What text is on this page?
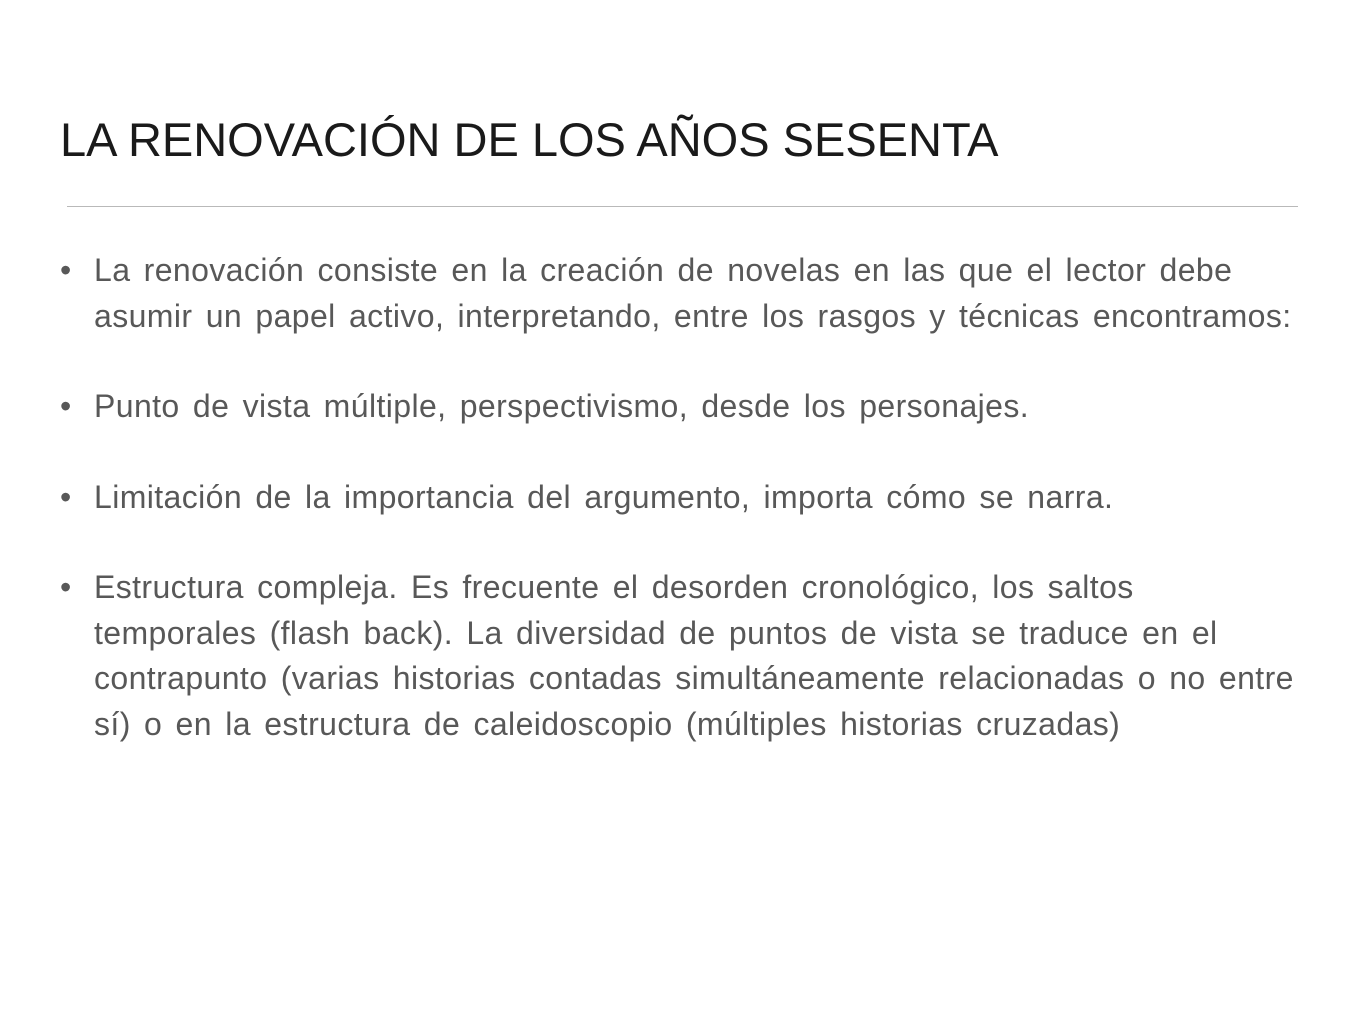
LA RENOVACIÓN DE LOS AÑOS SESENTA
• La renovación consiste en la creación de novelas en las que el lector debe asumir un papel activo, interpretando, entre los rasgos y técnicas encontramos:
• Punto de vista múltiple, perspectivismo, desde los personajes.
• Limitación de la importancia del argumento, importa cómo se narra.
• Estructura compleja. Es frecuente el desorden cronológico, los saltos temporales (flash back). La diversidad de puntos de vista se traduce en el contrapunto (varias historias contadas simultáneamente relacionadas o no entre sí) o en la estructura de caleidoscopio (múltiples historias cruzadas)
